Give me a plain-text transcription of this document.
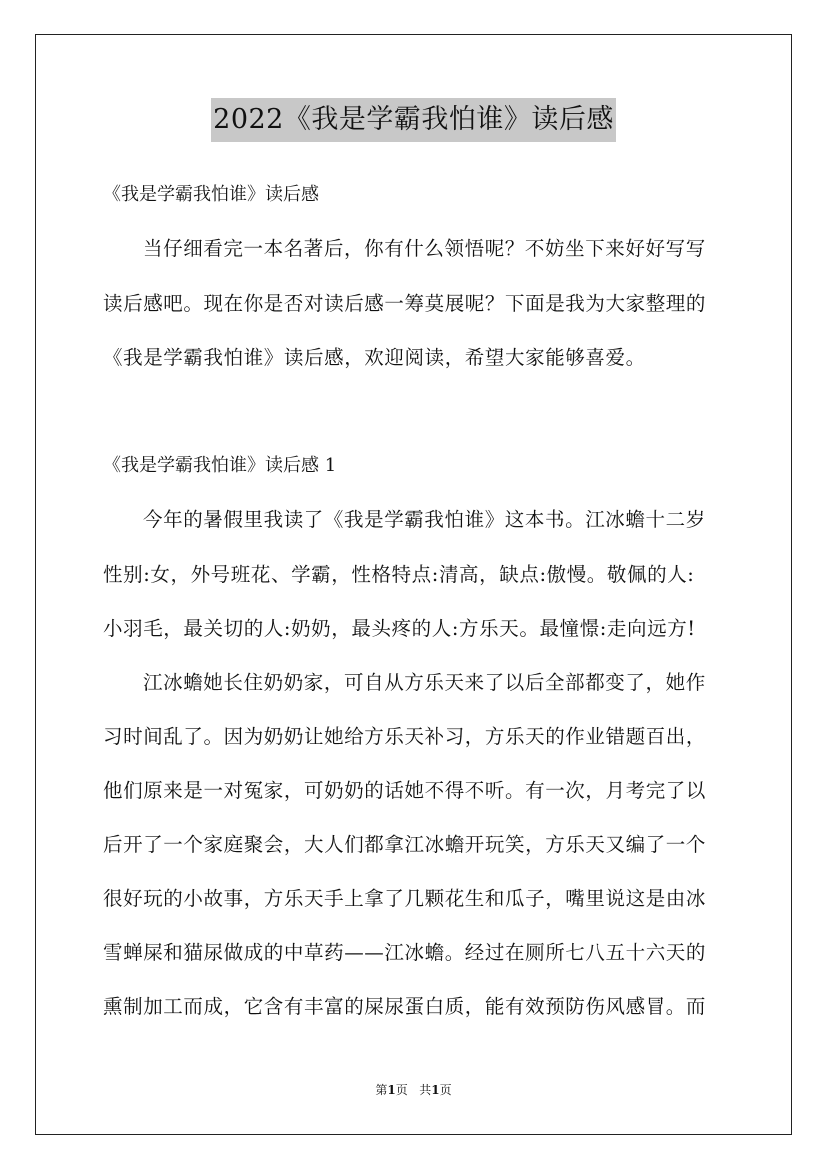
2022《我是学霸我怕谁》读后感
《我是学霸我怕谁》读后感
当仔细看完一本名著后，你有什么领悟呢？不妨坐下来好好写写
读后感吧。现在你是否对读后感一筹莫展呢？下面是我为大家整理的
《我是学霸我怕谁》读后感，欢迎阅读，希望大家能够喜爱。
《我是学霸我怕谁》读后感 1
今年的暑假里我读了《我是学霸我怕谁》这本书。江冰蟾十二岁
性别:女，外号班花、学霸，性格特点:清高，缺点:傲慢。敬佩的人:
小羽毛，最关切的人:奶奶，最头疼的人:方乐天。最憧憬:走向远方!
江冰蟾她长住奶奶家，可自从方乐天来了以后全部都变了，她作
习时间乱了。因为奶奶让她给方乐天补习，方乐天的作业错题百出，
他们原来是一对冤家，可奶奶的话她不得不听。有一次，月考完了以
后开了一个家庭聚会，大人们都拿江冰蟾开玩笑，方乐天又编了一个
很好玩的小故事，方乐天手上拿了几颗花生和瓜子，嘴里说这是由冰
雪蝉屎和猫尿做成的中草药——江冰蟾。经过在厕所七八五十六天的
熏制加工而成，它含有丰富的屎尿蛋白质，能有效预防伤风感冒。而
第1页 共1页
